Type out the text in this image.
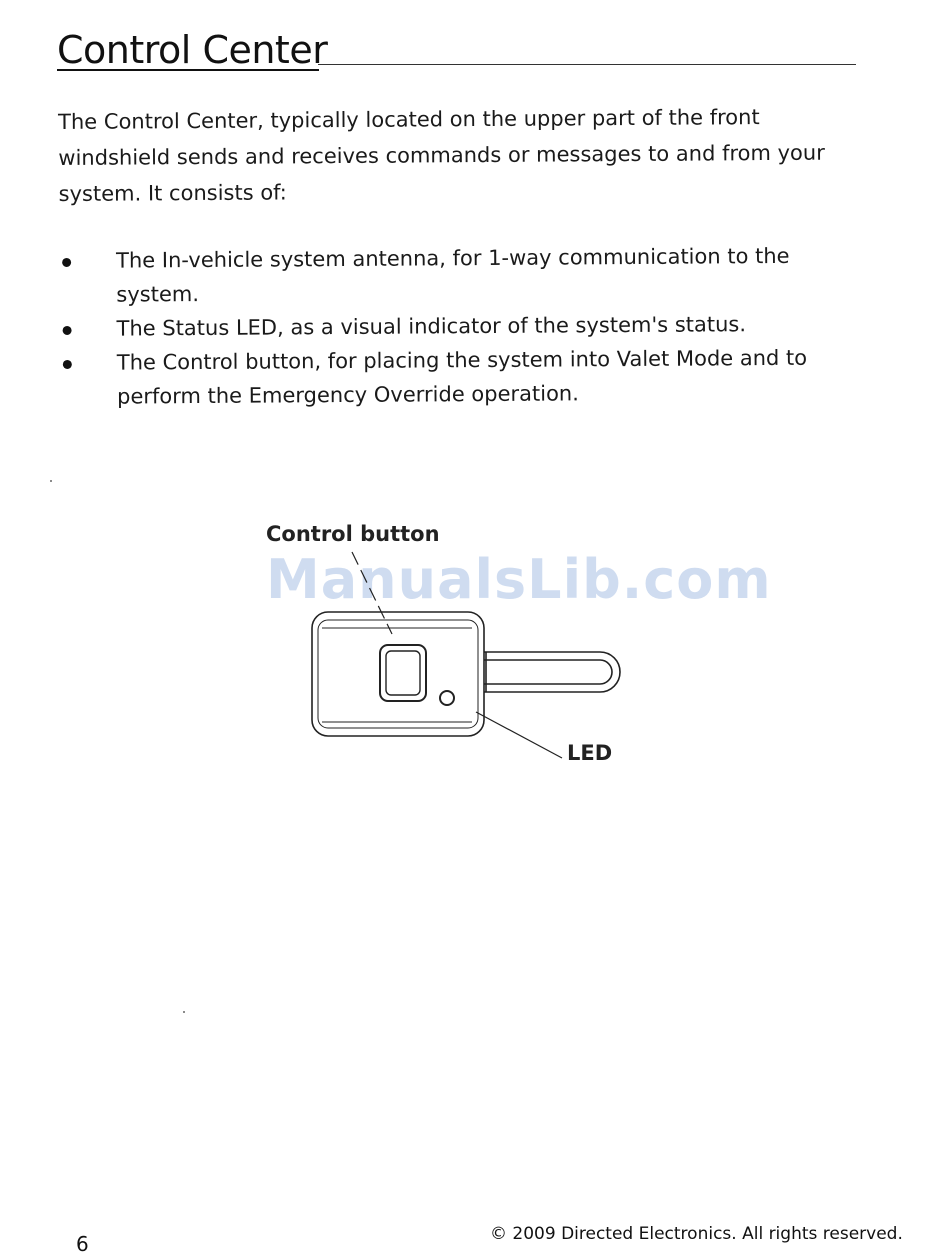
Control Center
The Control Center, typically located on the upper part of the front windshield sends and receives commands or messages to and from your system. It consists of:
The In-vehicle system antenna, for 1-way communication to the system.
The Status LED, as a visual indicator of the system's status.
The Control button, for placing the system into Valet Mode and to perform the Emergency Override operation.
ManualsLib.com
Control button
LED
6	© 2009 Directed Electronics. All rights reserved.
